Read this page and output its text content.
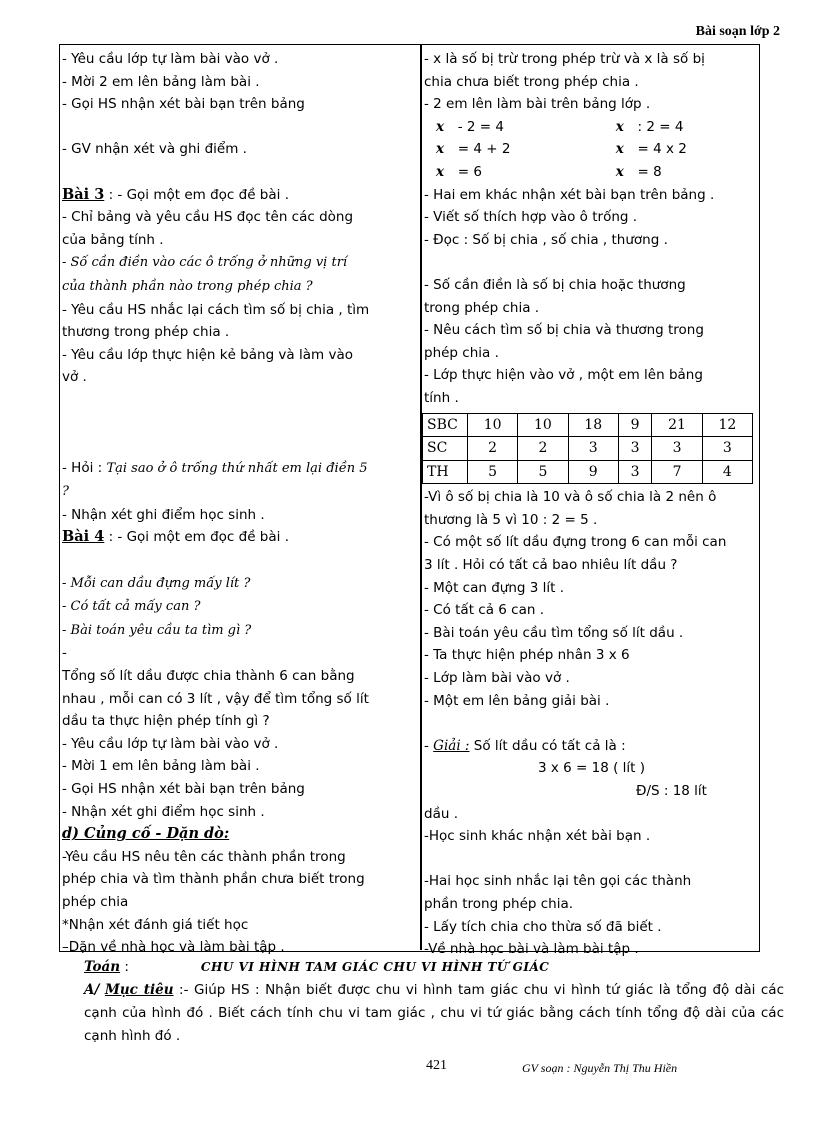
Bài soạn lớp 2

- Yêu cầu lớp tự làm bài vào vở .

- Mời 2 em lên bảng làm bài .

- Gọi HS nhận xét bài bạn trên bảng

- GV nhận xét và ghi điểm .

Bài 3 : - Gọi một em đọc đề bài .

- Chỉ bảng và yêu cầu HS đọc tên các dòng

của bảng tính .

- Số cần điền vào các ô trống ở những vị trí

của thành phần nào trong phép chia ?

- Yêu cầu HS nhắc lại cách tìm số bị chia , tìm

thương trong phép chia .

- Yêu cầu lớp thực hiện kẻ bảng và làm vào

vở .

- Hỏi : Tại sao ở ô trống thứ nhất em lại điền 5

?

- Nhận xét ghi điểm học sinh .

Bài 4 : - Gọi một em đọc đề bài .

- Mỗi can dầu đựng mấy lít ?

- Có tất cả mấy can ?

- Bài toán yêu cầu ta tìm gì ?

-

Tổng số lít dầu được chia thành 6 can bằng

nhau , mỗi can có 3 lít , vậy để tìm tổng số lít

dầu ta thực hiện phép tính gì ?

- Yêu cầu lớp tự làm bài vào vở .

- Mời 1 em lên bảng làm bài .

- Gọi HS nhận xét bài bạn trên bảng

- Nhận xét ghi điểm học sinh .

d) Củng cố - Dặn dò:

-Yêu cầu HS nêu tên các thành phần trong

phép chia và tìm thành phần chưa biết trong

phép chia

*Nhận xét đánh giá tiết học

–Dặn về nhà học và làm bài tập .

- x là số bị trừ trong phép trừ và x là số bị

chia chưa biết trong phép chia .

- 2 em lên làm bài trên bảng lớp .

x	- 2 = 4	x	: 2 = 4

x	= 4 + 2	x	= 4 x 2

x	= 6	x	= 8

- Hai em khác nhận xét bài bạn trên bảng .

- Viết số thích hợp vào ô trống .

- Đọc : Số bị chia , số chia , thương .

- Số cần điền là số bị chia hoặc thương

trong phép chia .

- Nêu cách tìm số bị chia và thương trong

phép chia .

- Lớp thực hiện vào vở , một em lên bảng

tính .

SBC	10	10	18	9	21	12
SC	2	2	3	3	3	3
TH	5	5	9	3	7	4

-Vì ô số bị chia là 10 và ô số chia là 2 nên ô

thương là 5 vì 10 : 2 = 5 .

- Có một số lít dầu đựng trong 6 can mỗi can

3 lít . Hỏi có tất cả bao nhiêu lít dầu ?

- Một can đựng 3 lít .

- Có tất cả 6 can .

- Bài toán yêu cầu tìm tổng số lít dầu .

- Ta thực hiện phép nhân 3 x 6

- Lớp làm bài vào vở .

- Một em lên bảng giải bài .

- Giải : Số lít dầu có tất cả là :

3 x 6 = 18 ( lít )

Đ/S : 18 lít

dầu .

-Học sinh khác nhận xét bài bạn .

-Hai học sinh nhắc lại tên gọi các thành

phần trong phép chia.

- Lấy tích chia cho thừa số đã biết .

-Về nhà học bài và làm bài tập .

Toán :	CHU VI HÌNH TAM GIÁC CHU VI HÌNH TỨ GIÁC

A/ Mục tiêu :- Giúp HS : Nhận biết được chu vi hình tam giác chu vi hình tứ giác là tổng độ dài các cạnh của hình đó . Biết cách tính chu vi tam giác , chu vi tứ giác bằng cách tính tổng độ dài của các cạnh hình đó .

421	GV soạn : Nguyễn Thị Thu Hiền
